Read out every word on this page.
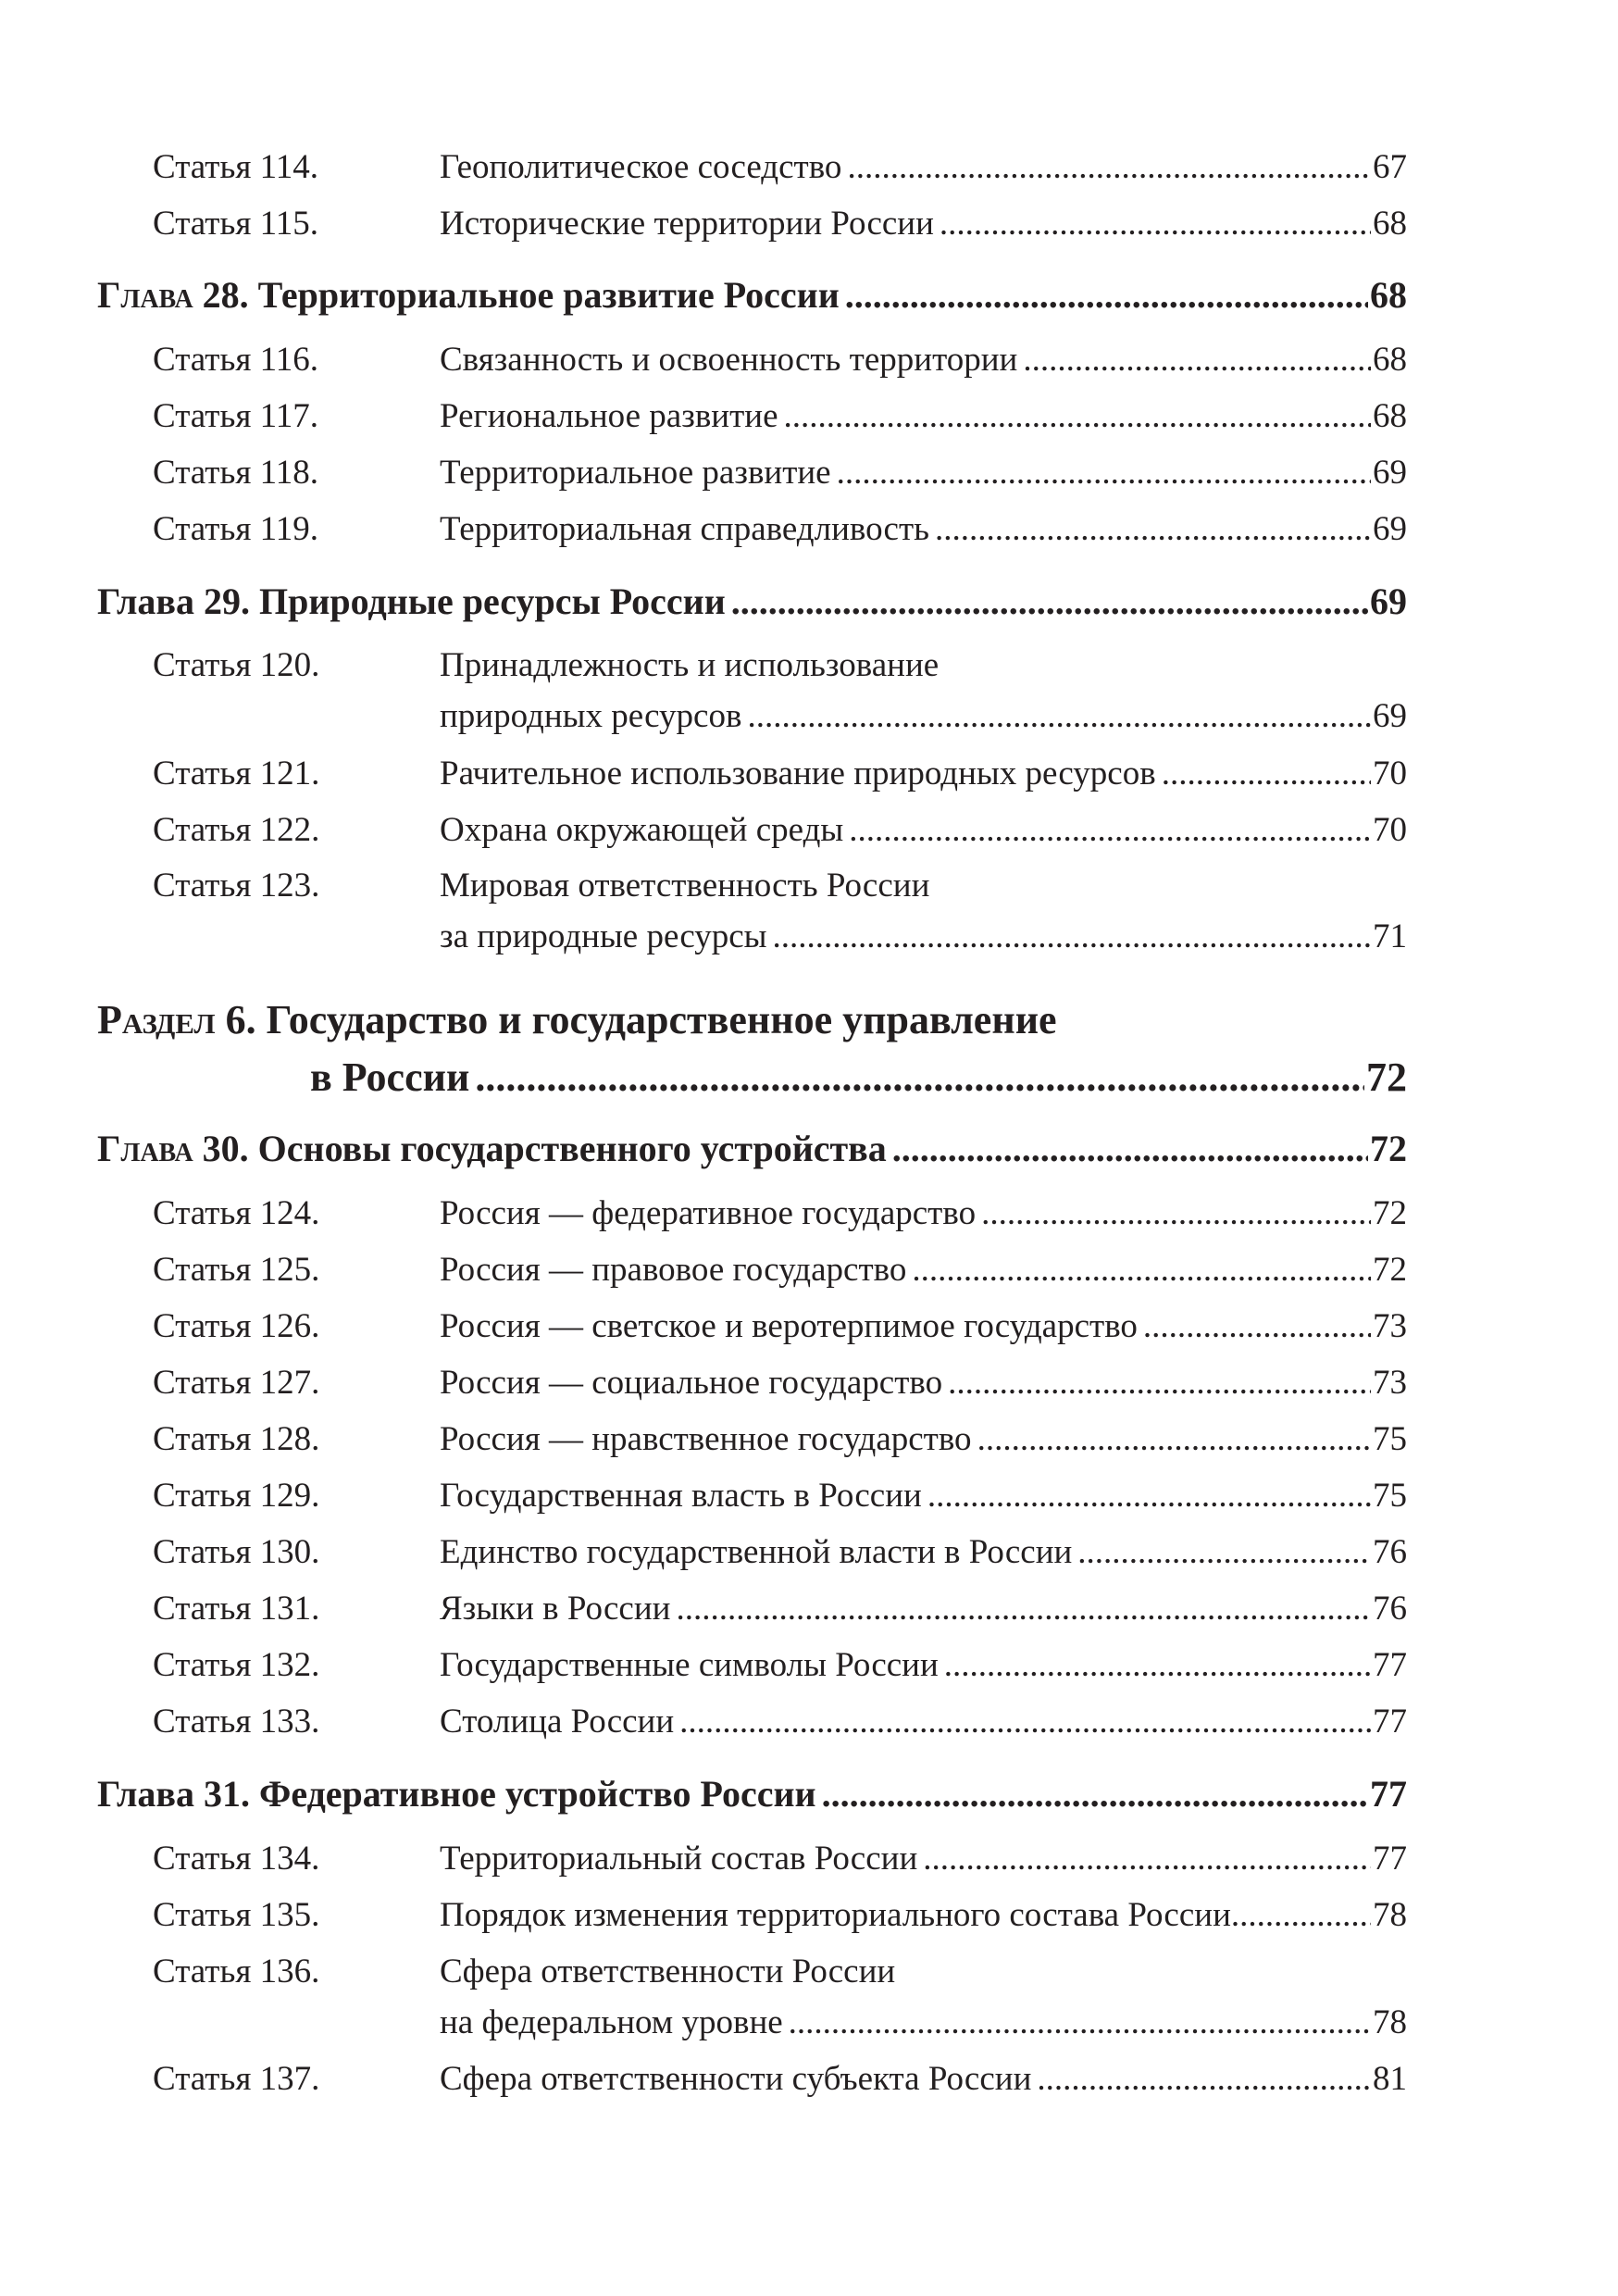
Статья 114.	Геополитическое соседство .....	67
Статья 115.	Исторические территории России .....	68
Глава 28. Территориальное развитие России .....	68
Статья 116.	Связанность и освоенность территории .....	68
Статья 117.	Региональное развитие .....	68
Статья 118.	Территориальное развитие .....	69
Статья 119.	Территориальная справедливость .....	69
Глава 29. Природные ресурсы России .....	69
Статья 120.	Принадлежность и использование
природных ресурсов .....	69
Статья 121.	Рачительное использование природных ресурсов .....	70
Статья 122.	Охрана окружающей среды .....	70
Статья 123.	Мировая ответственность России
за природные ресурсы .....	71
Раздел 6. Государство и государственное управление
в России .....	72
Глава 30. Основы государственного устройства .....	72
Статья 124.	Россия — федеративное государство .....	72
Статья 125.	Россия — правовое государство .....	72
Статья 126.	Россия — светское и веротерпимое государство .....	73
Статья 127.	Россия — социальное государство .....	73
Статья 128.	Россия — нравственное государство .....	75
Статья 129.	Государственная власть в России .....	75
Статья 130.	Единство государственной власти в России .....	76
Статья 131.	Языки в России .....	76
Статья 132.	Государственные символы России .....	77
Статья 133.	Столица России .....	77
Глава 31. Федеративное устройство России .....	77
Статья 134.	Территориальный состав России .....	77
Статья 135.	Порядок изменения территориального состава России .....	78
Статья 136.	Сфера ответственности России
на федеральном уровне .....	78
Статья 137.	Сфера ответственности субъекта России .....	81
